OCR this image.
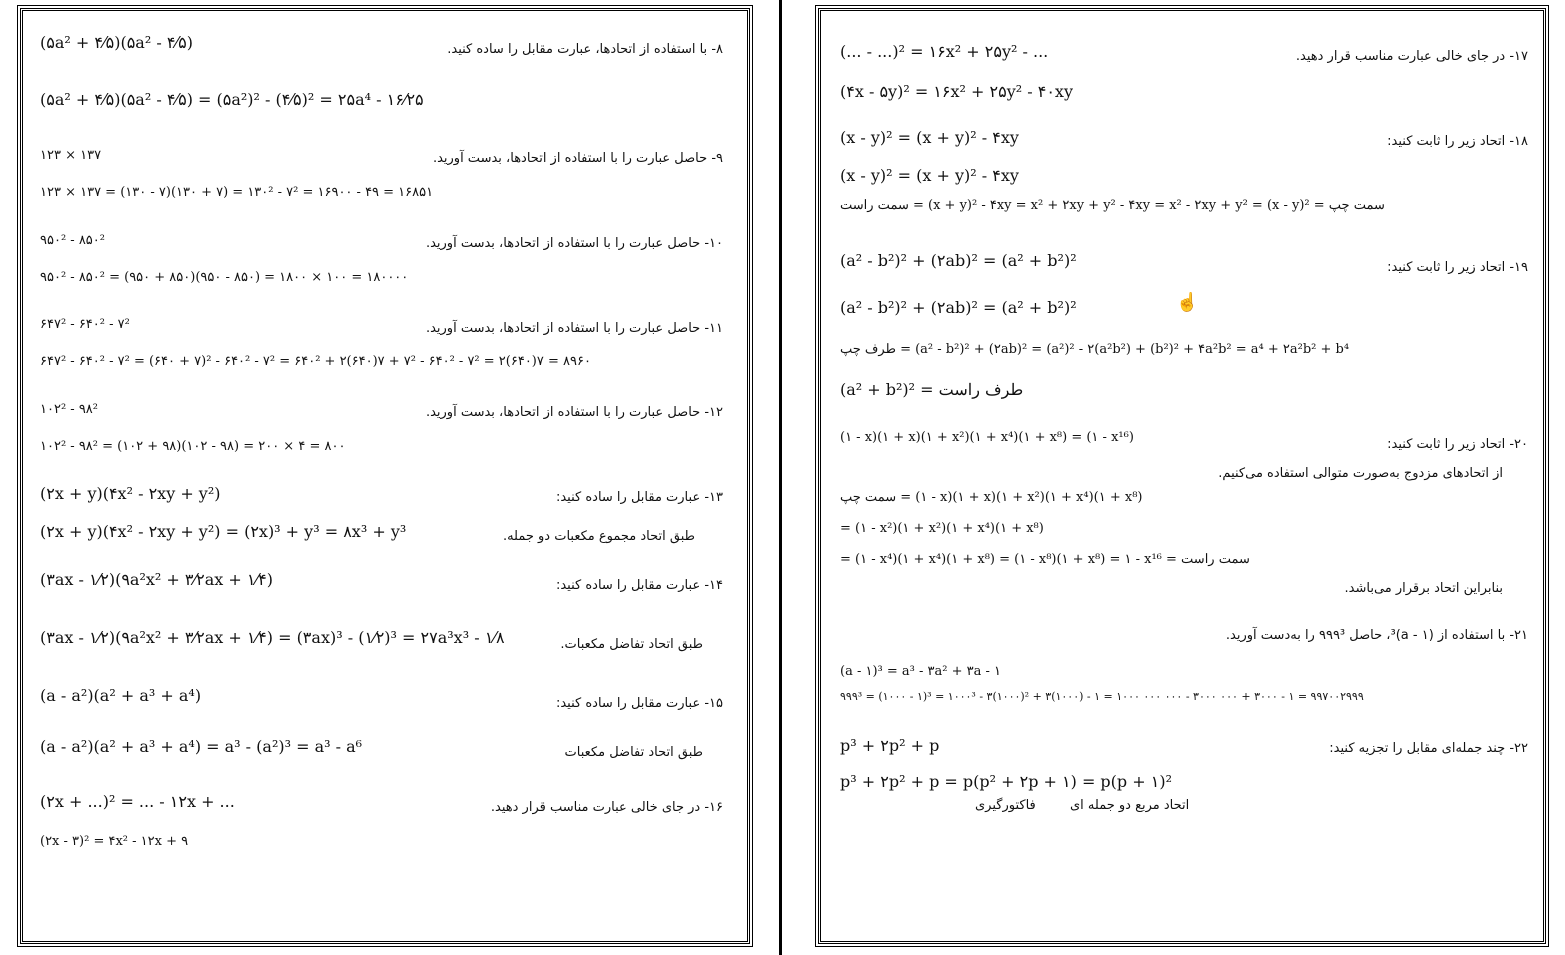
(۵a² + ۴⁄۵)(۵a² - ۴⁄۵)	۸- با استفاده از اتحادها، عبارت مقابل را ساده کنید.
(۵a² + ۴⁄۵)(۵a² - ۴⁄۵) = (۵a²)² - (۴⁄۵)² = ۲۵a⁴ - ۱۶⁄۲۵
۱۲۳ × ۱۳۷	۹- حاصل عبارت را با استفاده از اتحادها، بدست آورید.
۱۲۳ × ۱۳۷ = (۱۳۰ - ۷)(۱۳۰ + ۷) = ۱۳۰² - ۷² = ۱۶۹۰۰ - ۴۹ = ۱۶۸۵۱
۹۵۰² - ۸۵۰²	۱۰- حاصل عبارت را با استفاده از اتحادها، بدست آورید.
۹۵۰² - ۸۵۰² = (۹۵۰ + ۸۵۰)(۹۵۰ - ۸۵۰) = ۱۸۰۰ × ۱۰۰ = ۱۸۰۰۰۰
۶۴۷² - ۶۴۰² - ۷²	۱۱- حاصل عبارت را با استفاده از اتحادها، بدست آورید.
۶۴۷² - ۶۴۰² - ۷² = (۶۴۰ + ۷)² - ۶۴۰² - ۷² = ۶۴۰² + ۲(۶۴۰)۷ + ۷² - ۶۴۰² - ۷² = ۲(۶۴۰)۷ = ۸۹۶۰
۱۰۲² - ۹۸²	۱۲- حاصل عبارت را با استفاده از اتحادها، بدست آورید.
۱۰۲² - ۹۸² = (۱۰۲ + ۹۸)(۱۰۲ - ۹۸) = ۲۰۰ × ۴ = ۸۰۰
(۲x + y)(۴x² - ۲xy + y²)	۱۳- عبارت مقابل را ساده کنید:
(۲x + y)(۴x² - ۲xy + y²) = (۲x)³ + y³ = ۸x³ + y³	طبق اتحاد مجموع مکعبات دو جمله.
(۳ax - ۱⁄۲)(۹a²x² + ۳⁄۲ax + ۱⁄۴)	۱۴- عبارت مقابل را ساده کنید:
(۳ax - ۱⁄۲)(۹a²x² + ۳⁄۲ax + ۱⁄۴) = (۳ax)³ - (۱⁄۲)³ = ۲۷a³x³ - ۱⁄۸	طبق اتحاد تفاضل مکعبات.
(a - a²)(a² + a³ + a⁴)	۱۵- عبارت مقابل را ساده کنید:
(a - a²)(a² + a³ + a⁴) = a³ - (a²)³ = a³ - a⁶	طبق اتحاد تفاضل مکعبات
(۲x + ...)² = ... - ۱۲x + ...	۱۶- در جای خالی عبارت مناسب قرار دهید.
(۲x - ۳)² = ۴x² - ۱۲x + ۹
(... - ...)² = ۱۶x² + ۲۵y² - ...	۱۷- در جای خالی عبارت مناسب قرار دهید.
(۴x - ۵y)² = ۱۶x² + ۲۵y² - ۴۰xy
(x - y)² = (x + y)² - ۴xy	۱۸- اتحاد زیر را ثابت کنید:
(x - y)² = (x + y)² - ۴xy
سمت راست = (x + y)² - ۴xy = x² + ۲xy + y² - ۴xy = x² - ۲xy + y² = (x - y)² = سمت چپ
(a² - b²)² + (۲ab)² = (a² + b²)²	۱۹- اتحاد زیر را ثابت کنید:
(a² - b²)² + (۲ab)² = (a² + b²)²	☝
طرف چپ = (a² - b²)² + (۲ab)² = (a²)² - ۲(a²b²) + (b²)² + ۴a²b² = a⁴ + ۲a²b² + b⁴
(a² + b²)² = طرف راست
(۱ - x)(۱ + x)(۱ + x²)(۱ + x⁴)(۱ + x⁸) = (۱ - x¹⁶)	۲۰- اتحاد زیر را ثابت کنید:
از اتحادهای مزدوج به‌صورت متوالی استفاده می‌کنیم.
سمت چپ = (۱ - x)(۱ + x)(۱ + x²)(۱ + x⁴)(۱ + x⁸)
= (۱ - x²)(۱ + x²)(۱ + x⁴)(۱ + x⁸)
= (۱ - x⁴)(۱ + x⁴)(۱ + x⁸) = (۱ - x⁸)(۱ + x⁸) = ۱ - x¹⁶ = سمت راست
بنابراین اتحاد برقرار می‌باشد.
۲۱- با استفاده از (a - ۱)³، حاصل ۹۹۹³ را به‌دست آورید.
(a - ۱)³ = a³ - ۳a² + ۳a - ۱
۹۹۹³ = (۱۰۰۰ - ۱)³ = ۱۰۰۰³ - ۳(۱۰۰۰)² + ۳(۱۰۰۰) - ۱ = ۱۰۰۰ ۰۰۰ ۰۰۰ - ۳۰۰۰ ۰۰۰ + ۳۰۰۰ - ۱ = ۹۹۷۰۰۲۹۹۹
p³ + ۲p² + p	۲۲- چند جمله‌ای مقابل را تجزیه کنید:
p³ + ۲p² + p = p(p² + ۲p + ۱) = p(p + ۱)²
فاکتورگیری	اتحاد مربع دو جمله ای
